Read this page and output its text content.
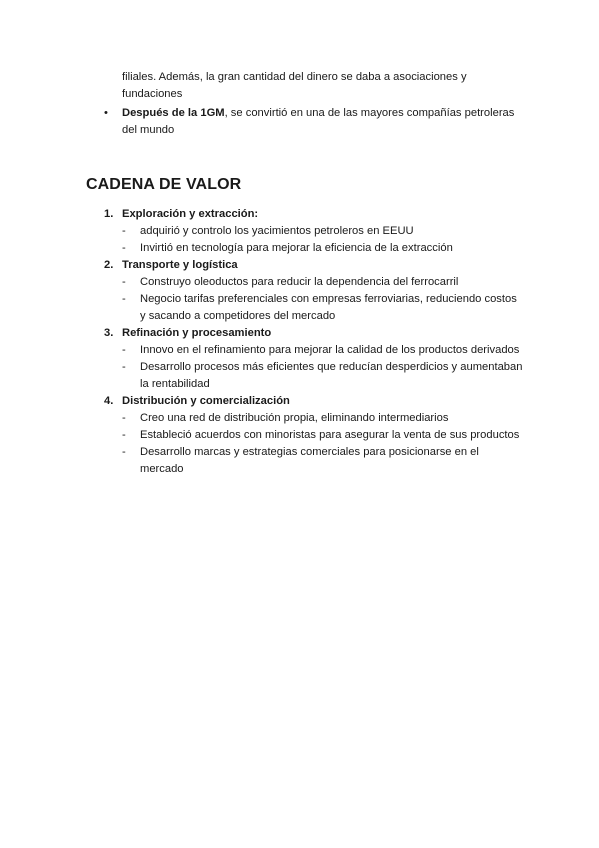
filiales. Además, la gran cantidad del dinero se daba a asociaciones y fundaciones
•	Después de la 1GM, se convirtió en una de las mayores compañías petroleras del mundo
CADENA DE VALOR
1. Exploración y extracción:
- adquirió y controlo los yacimientos petroleros en EEUU
- Invirtió en tecnología para mejorar la eficiencia de la extracción
2. Transporte y logística
- Construyo oleoductos para reducir la dependencia del ferrocarril
- Negocio tarifas preferenciales con empresas ferroviarias, reduciendo costos y sacando a competidores del mercado
3. Refinación y procesamiento
- Innovo en el refinamiento para mejorar la calidad de los productos derivados
- Desarrollo procesos más eficientes que reducían desperdicios y aumentaban la rentabilidad
4. Distribución y comercialización
- Creo una red de distribución propia, eliminando intermediarios
- Estableció acuerdos con minoristas para asegurar la venta de sus productos
- Desarrollo marcas y estrategias comerciales para posicionarse en el mercado
